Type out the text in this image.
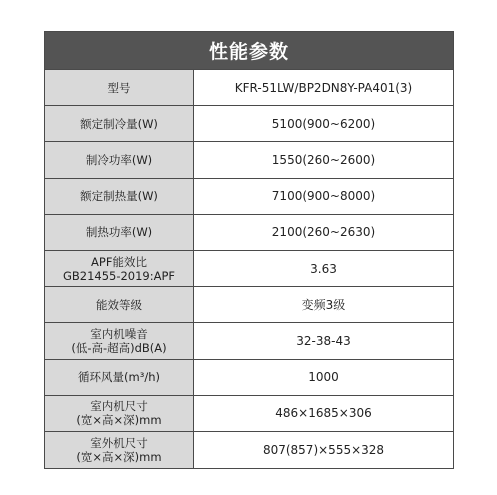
性能参数
型号	KFR-51LW/BP2DN8Y-PA401(3)
额定制冷量(W)	5100(900~6200)
制冷功率(W)	1550(260~2600)
额定制热量(W)	7100(900~8000)
制热功率(W)	2100(260~2630)
APF能效比
GB21455-2019:APF	3.63
能效等级	变频3级
室内机噪音
(低-高-超高)dB(A)	32-38-43
循环风量(m³/h)	1000
室内机尺寸
(宽×高×深)mm	486×1685×306
室外机尺寸
(宽×高×深)mm	807(857)×555×328
